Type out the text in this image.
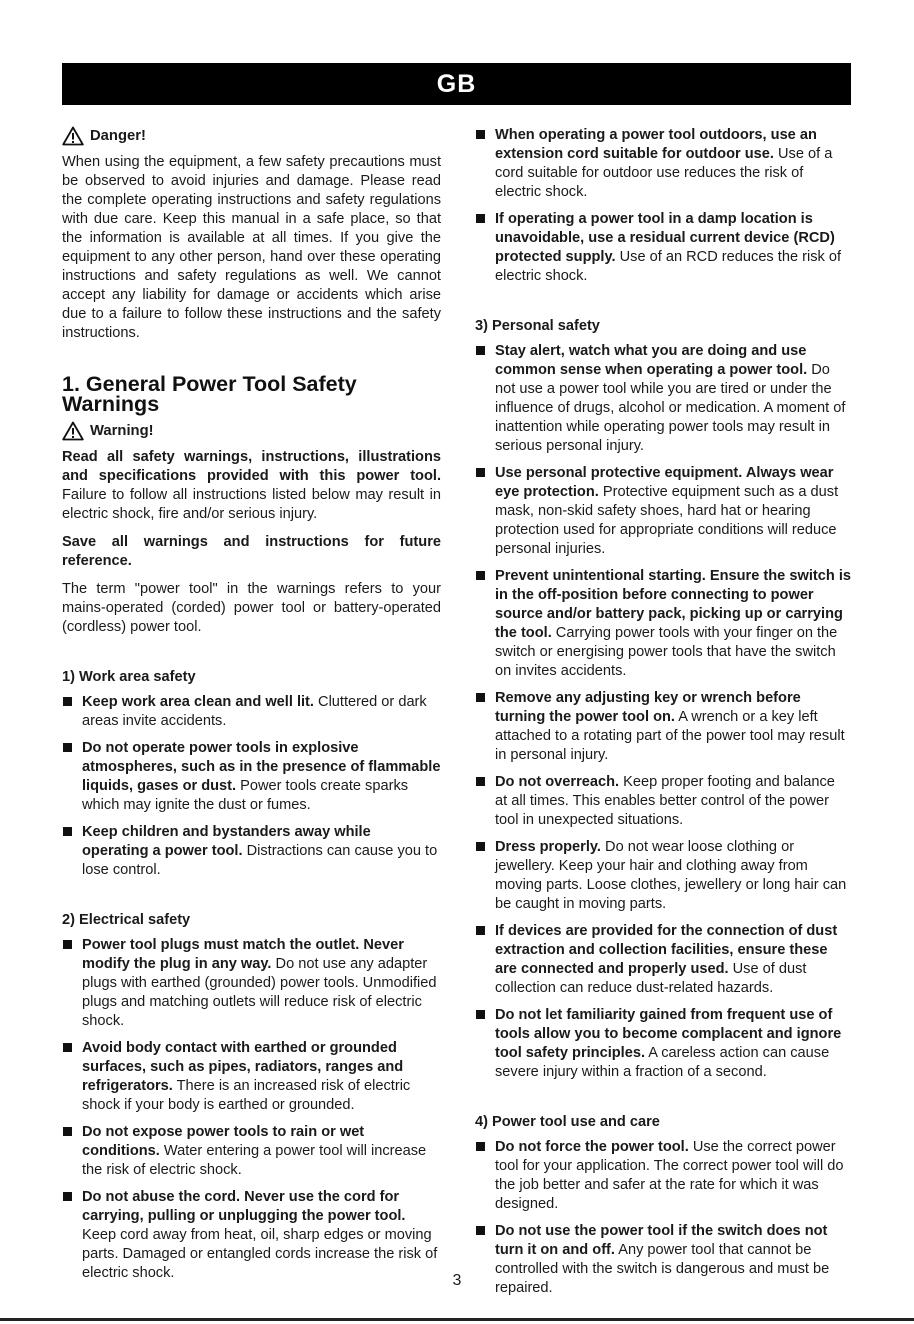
GB
Danger!

When using the equipment, a few safety precautions must be observed to avoid injuries and damage. Please read the complete operating instructions and safety regulations with due care. Keep this manual in a safe place, so that the information is available at all times. If you give the equipment to any other person, hand over these operating instructions and safety regulations as well. We cannot accept any liability for damage or accidents which arise due to a failure to follow these instructions and the safety instructions.

1. General Power Tool Safety
Warnings
Warning!

Read all safety warnings, instructions, illustrations and specifications provided with this power tool. Failure to follow all instructions listed below may result in electric shock, fire and/or serious injury.

Save all warnings and instructions for future reference.

The term "power tool" in the warnings refers to your mains-operated (corded) power tool or battery-operated (cordless) power tool.

1) Work area safety
Keep work area clean and well lit. Cluttered or dark areas invite accidents.
Do not operate power tools in explosive atmospheres, such as in the presence of flammable liquids, gases or dust. Power tools create sparks which may ignite the dust or fumes.
Keep children and bystanders away while operating a power tool. Distractions can cause you to lose control.
2) Electrical safety
Power tool plugs must match the outlet. Never modify the plug in any way. Do not use any adapter plugs with earthed (grounded) power tools. Unmodified plugs and matching outlets will reduce risk of electric shock.
Avoid body contact with earthed or grounded surfaces, such as pipes, radiators, ranges and refrigerators. There is an increased risk of electric shock if your body is earthed or grounded.
Do not expose power tools to rain or wet conditions. Water entering a power tool will increase the risk of electric shock.
Do not abuse the cord. Never use the cord for carrying, pulling or unplugging the power tool. Keep cord away from heat, oil, sharp edges or moving parts. Damaged or entangled cords increase the risk of electric shock.
When operating a power tool outdoors, use an extension cord suitable for outdoor use. Use of a cord suitable for outdoor use reduces the risk of electric shock.
If operating a power tool in a damp location is unavoidable, use a residual current device (RCD) protected supply. Use of an RCD reduces the risk of electric shock.
3) Personal safety
Stay alert, watch what you are doing and use common sense when operating a power tool. Do not use a power tool while you are tired or under the influence of drugs, alcohol or medication. A moment of inattention while operating power tools may result in serious personal injury.
Use personal protective equipment. Always wear eye protection. Protective equipment such as a dust mask, non-skid safety shoes, hard hat or hearing protection used for appropriate conditions will reduce personal injuries.
Prevent unintentional starting. Ensure the switch is in the off-position before connecting to power source and/or battery pack, picking up or carrying the tool. Carrying power tools with your finger on the switch or energising power tools that have the switch on invites accidents.
Remove any adjusting key or wrench before turning the power tool on. A wrench or a key left attached to a rotating part of the power tool may result in personal injury.
Do not overreach. Keep proper footing and balance at all times. This enables better control of the power tool in unexpected situations.
Dress properly. Do not wear loose clothing or jewellery. Keep your hair and clothing away from moving parts. Loose clothes, jewellery or long hair can be caught in moving parts.
If devices are provided for the connection of dust extraction and collection facilities, ensure these are connected and properly used. Use of dust collection can reduce dust-related hazards.
Do not let familiarity gained from frequent use of tools allow you to become complacent and ignore tool safety principles. A careless action can cause severe injury within a fraction of a second.
4) Power tool use and care
Do not force the power tool. Use the correct power tool for your application. The correct power tool will do the job better and safer at the rate for which it was designed.
Do not use the power tool if the switch does not turn it on and off. Any power tool that cannot be controlled with the switch is dangerous and must be repaired.
3
